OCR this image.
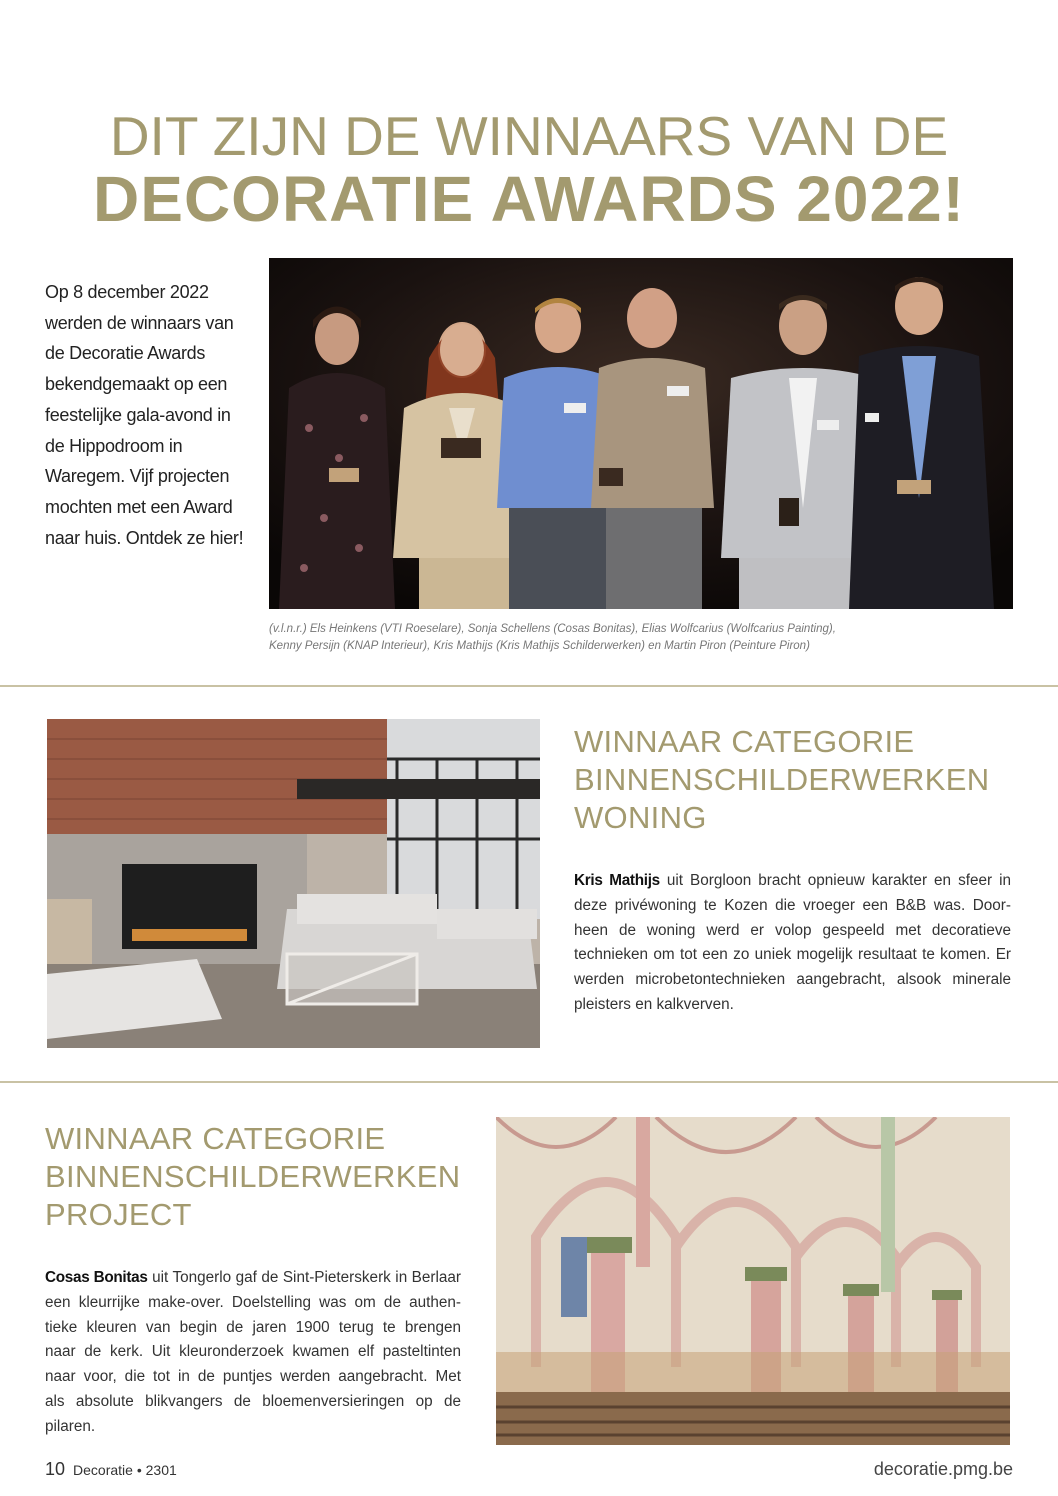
DIT ZIJN DE WINNAARS VAN DE
DECORATIE AWARDS 2022!
Op 8 december 2022
werden de winnaars van
de Decoratie Awards
bekendgemaakt op een
feestelijke gala-avond in
de Hippodroom in
Waregem. Vijf projecten
mochten met een Award
naar huis. Ontdek ze hier!
(v.l.n.r.) Els Heinkens (VTI Roeselare), Sonja Schellens (Cosas Bonitas), Elias Wolfcarius (Wolfcarius Painting),
Kenny Persijn (KNAP Interieur), Kris Mathijs (Kris Mathijs Schilderwerken) en Martin Piron (Peinture Piron)
WINNAAR CATEGORIE
BINNENSCHILDERWERKEN
WONING
Kris Mathijs uit Borgloon bracht opnieuw karakter en sfeer in
deze privéwoning te Kozen die vroeger een B&B was. Door-
heen de woning werd er volop gespeeld met decoratieve
technieken om tot een zo uniek mogelijk resultaat te komen. Er
werden microbetontechnieken aangebracht, alsook minerale
pleisters en kalkverven.
WINNAAR CATEGORIE
BINNENSCHILDERWERKEN
PROJECT
Cosas Bonitas uit Tongerlo gaf de Sint-Pieterskerk in Berlaar
een kleurrijke make-over. Doelstelling was om de authen-
tieke kleuren van begin de jaren 1900 terug te brengen
naar de kerk. Uit kleuronderzoek kwamen elf pasteltinten
naar voor, die tot in de puntjes werden aangebracht. Met
als absolute blikvangers de bloemenversieringen op de
pilaren.
10 Decoratie • 2301	decoratie.pmg.be
